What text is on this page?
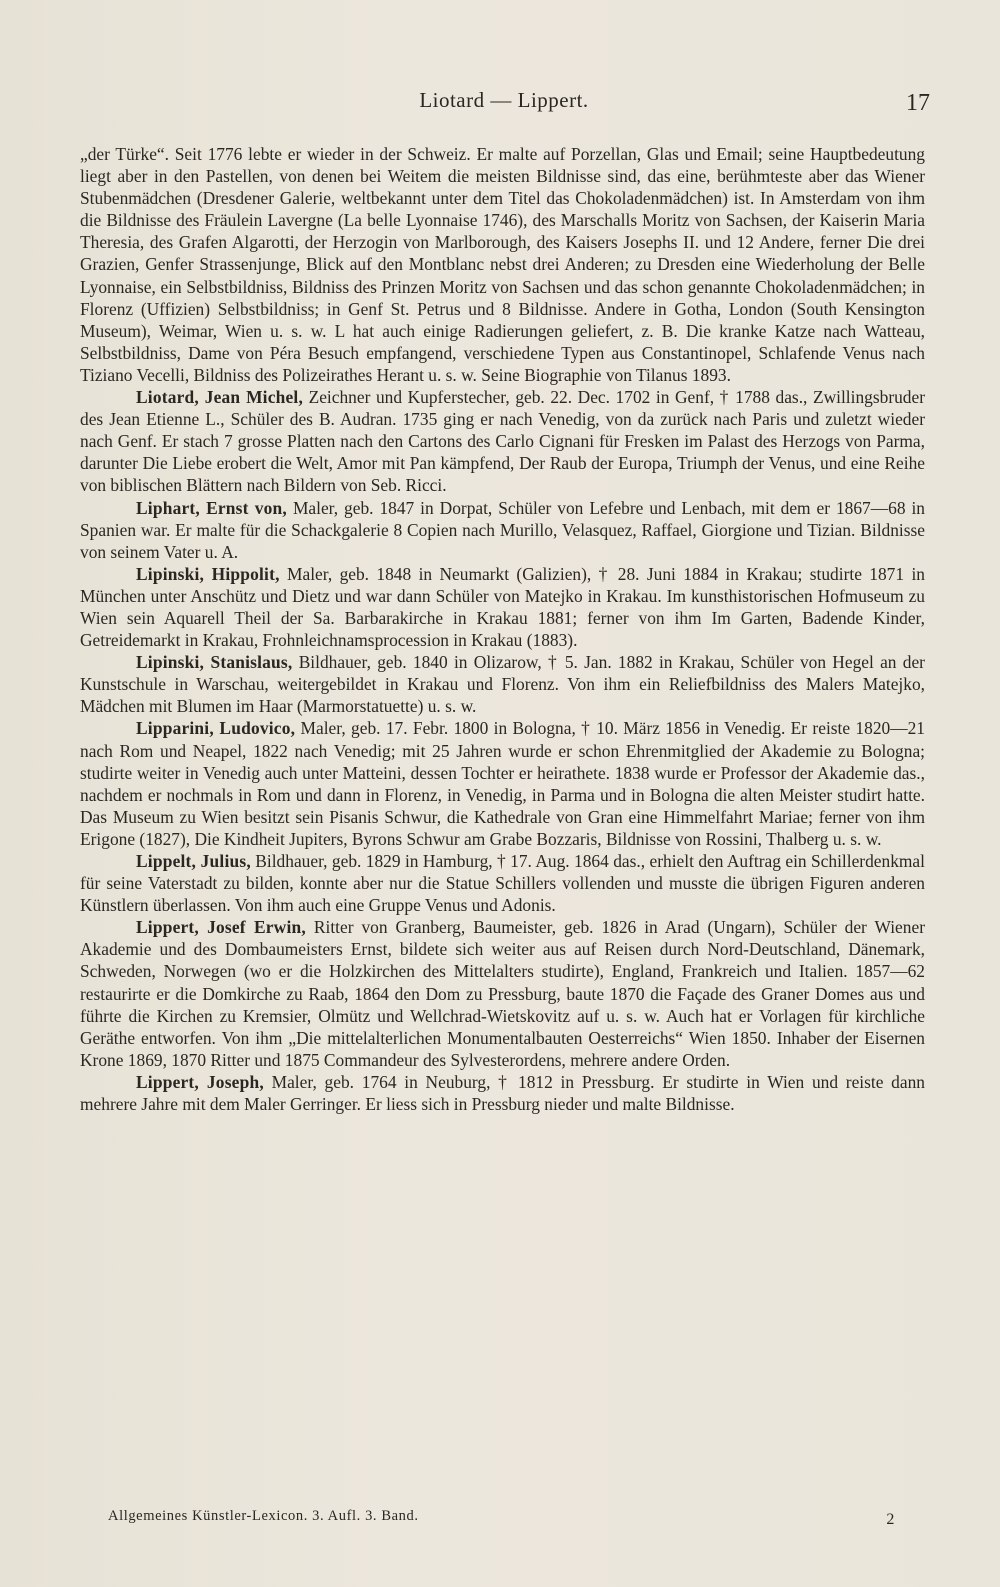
Liotard — Lippert.	17

„der Türke“. Seit 1776 lebte er wieder in der Schweiz. Er malte auf Porzellan, Glas und Email; seine Hauptbedeutung liegt aber in den Pastellen, von denen bei Weitem die meisten Bildnisse sind, das eine, berühmteste aber das Wiener Stubenmädchen (Dresdener Galerie, weltbekannt unter dem Titel das Chokoladenmädchen) ist. In Amsterdam von ihm die Bildnisse des Fräulein Lavergne (La belle Lyonnaise 1746), des Marschalls Moritz von Sachsen, der Kaiserin Maria Theresia, des Grafen Algarotti, der Herzogin von Marlborough, des Kaisers Josephs II. und 12 Andere, ferner Die drei Grazien, Genfer Strassenjunge, Blick auf den Montblanc nebst drei Anderen; zu Dresden eine Wiederholung der Belle Lyonnaise, ein Selbstbildniss, Bildniss des Prinzen Moritz von Sachsen und das schon genannte Chokoladenmädchen; in Florenz (Uffizien) Selbstbildniss; in Genf St. Petrus und 8 Bildnisse. Andere in Gotha, London (South Kensington Museum), Weimar, Wien u. s. w. L hat auch einige Radierungen geliefert, z. B. Die kranke Katze nach Watteau, Selbstbildniss, Dame von Péra Besuch empfangend, verschiedene Typen aus Constantinopel, Schlafende Venus nach Tiziano Vecelli, Bildniss des Polizeirathes Herant u. s. w. Seine Biographie von Tilanus 1893.

Liotard, Jean Michel, Zeichner und Kupferstecher, geb. 22. Dec. 1702 in Genf, † 1788 das., Zwillingsbruder des Jean Etienne L., Schüler des B. Audran. 1735 ging er nach Venedig, von da zurück nach Paris und zuletzt wieder nach Genf. Er stach 7 grosse Platten nach den Cartons des Carlo Cignani für Fresken im Palast des Herzogs von Parma, darunter Die Liebe erobert die Welt, Amor mit Pan kämpfend, Der Raub der Europa, Triumph der Venus, und eine Reihe von biblischen Blättern nach Bildern von Seb. Ricci.

Liphart, Ernst von, Maler, geb. 1847 in Dorpat, Schüler von Lefebre und Lenbach, mit dem er 1867—68 in Spanien war. Er malte für die Schackgalerie 8 Copien nach Murillo, Velasquez, Raffael, Giorgione und Tizian. Bildnisse von seinem Vater u. A.

Lipinski, Hippolit, Maler, geb. 1848 in Neumarkt (Galizien), † 28. Juni 1884 in Krakau; studirte 1871 in München unter Anschütz und Dietz und war dann Schüler von Matejko in Krakau. Im kunsthistorischen Hofmuseum zu Wien sein Aquarell Theil der Sa. Barbarakirche in Krakau 1881; ferner von ihm Im Garten, Badende Kinder, Getreidemarkt in Krakau, Frohnleichnamsprocession in Krakau (1883).

Lipinski, Stanislaus, Bildhauer, geb. 1840 in Olizarow, † 5. Jan. 1882 in Krakau, Schüler von Hegel an der Kunstschule in Warschau, weitergebildet in Krakau und Florenz. Von ihm ein Reliefbildniss des Malers Matejko, Mädchen mit Blumen im Haar (Marmorstatuette) u. s. w.

Lipparini, Ludovico, Maler, geb. 17. Febr. 1800 in Bologna, † 10. März 1856 in Venedig. Er reiste 1820—21 nach Rom und Neapel, 1822 nach Venedig; mit 25 Jahren wurde er schon Ehrenmitglied der Akademie zu Bologna; studirte weiter in Venedig auch unter Matteini, dessen Tochter er heirathete. 1838 wurde er Professor der Akademie das., nachdem er nochmals in Rom und dann in Florenz, in Venedig, in Parma und in Bologna die alten Meister studirt hatte. Das Museum zu Wien besitzt sein Pisanis Schwur, die Kathedrale von Gran eine Himmelfahrt Mariae; ferner von ihm Erigone (1827), Die Kindheit Jupiters, Byrons Schwur am Grabe Bozzaris, Bildnisse von Rossini, Thalberg u. s. w.

Lippelt, Julius, Bildhauer, geb. 1829 in Hamburg, † 17. Aug. 1864 das., erhielt den Auftrag ein Schillerdenkmal für seine Vaterstadt zu bilden, konnte aber nur die Statue Schillers vollenden und musste die übrigen Figuren anderen Künstlern überlassen. Von ihm auch eine Gruppe Venus und Adonis.

Lippert, Josef Erwin, Ritter von Granberg, Baumeister, geb. 1826 in Arad (Ungarn), Schüler der Wiener Akademie und des Dombaumeisters Ernst, bildete sich weiter aus auf Reisen durch Nord-Deutschland, Dänemark, Schweden, Norwegen (wo er die Holzkirchen des Mittelalters studirte), England, Frankreich und Italien. 1857—62 restaurirte er die Domkirche zu Raab, 1864 den Dom zu Pressburg, baute 1870 die Façade des Graner Domes aus und führte die Kirchen zu Kremsier, Olmütz und Wellchrad-Wietskovitz auf u. s. w. Auch hat er Vorlagen für kirchliche Geräthe entworfen. Von ihm „Die mittelalterlichen Monumentalbauten Oesterreichs“ Wien 1850. Inhaber der Eisernen Krone 1869, 1870 Ritter und 1875 Commandeur des Sylvesterordens, mehrere andere Orden.

Lippert, Joseph, Maler, geb. 1764 in Neuburg, † 1812 in Pressburg. Er studirte in Wien und reiste dann mehrere Jahre mit dem Maler Gerringer. Er liess sich in Pressburg nieder und malte Bildnisse.

Allgemeines Künstler-Lexicon. 3. Aufl. 3. Band.	2
